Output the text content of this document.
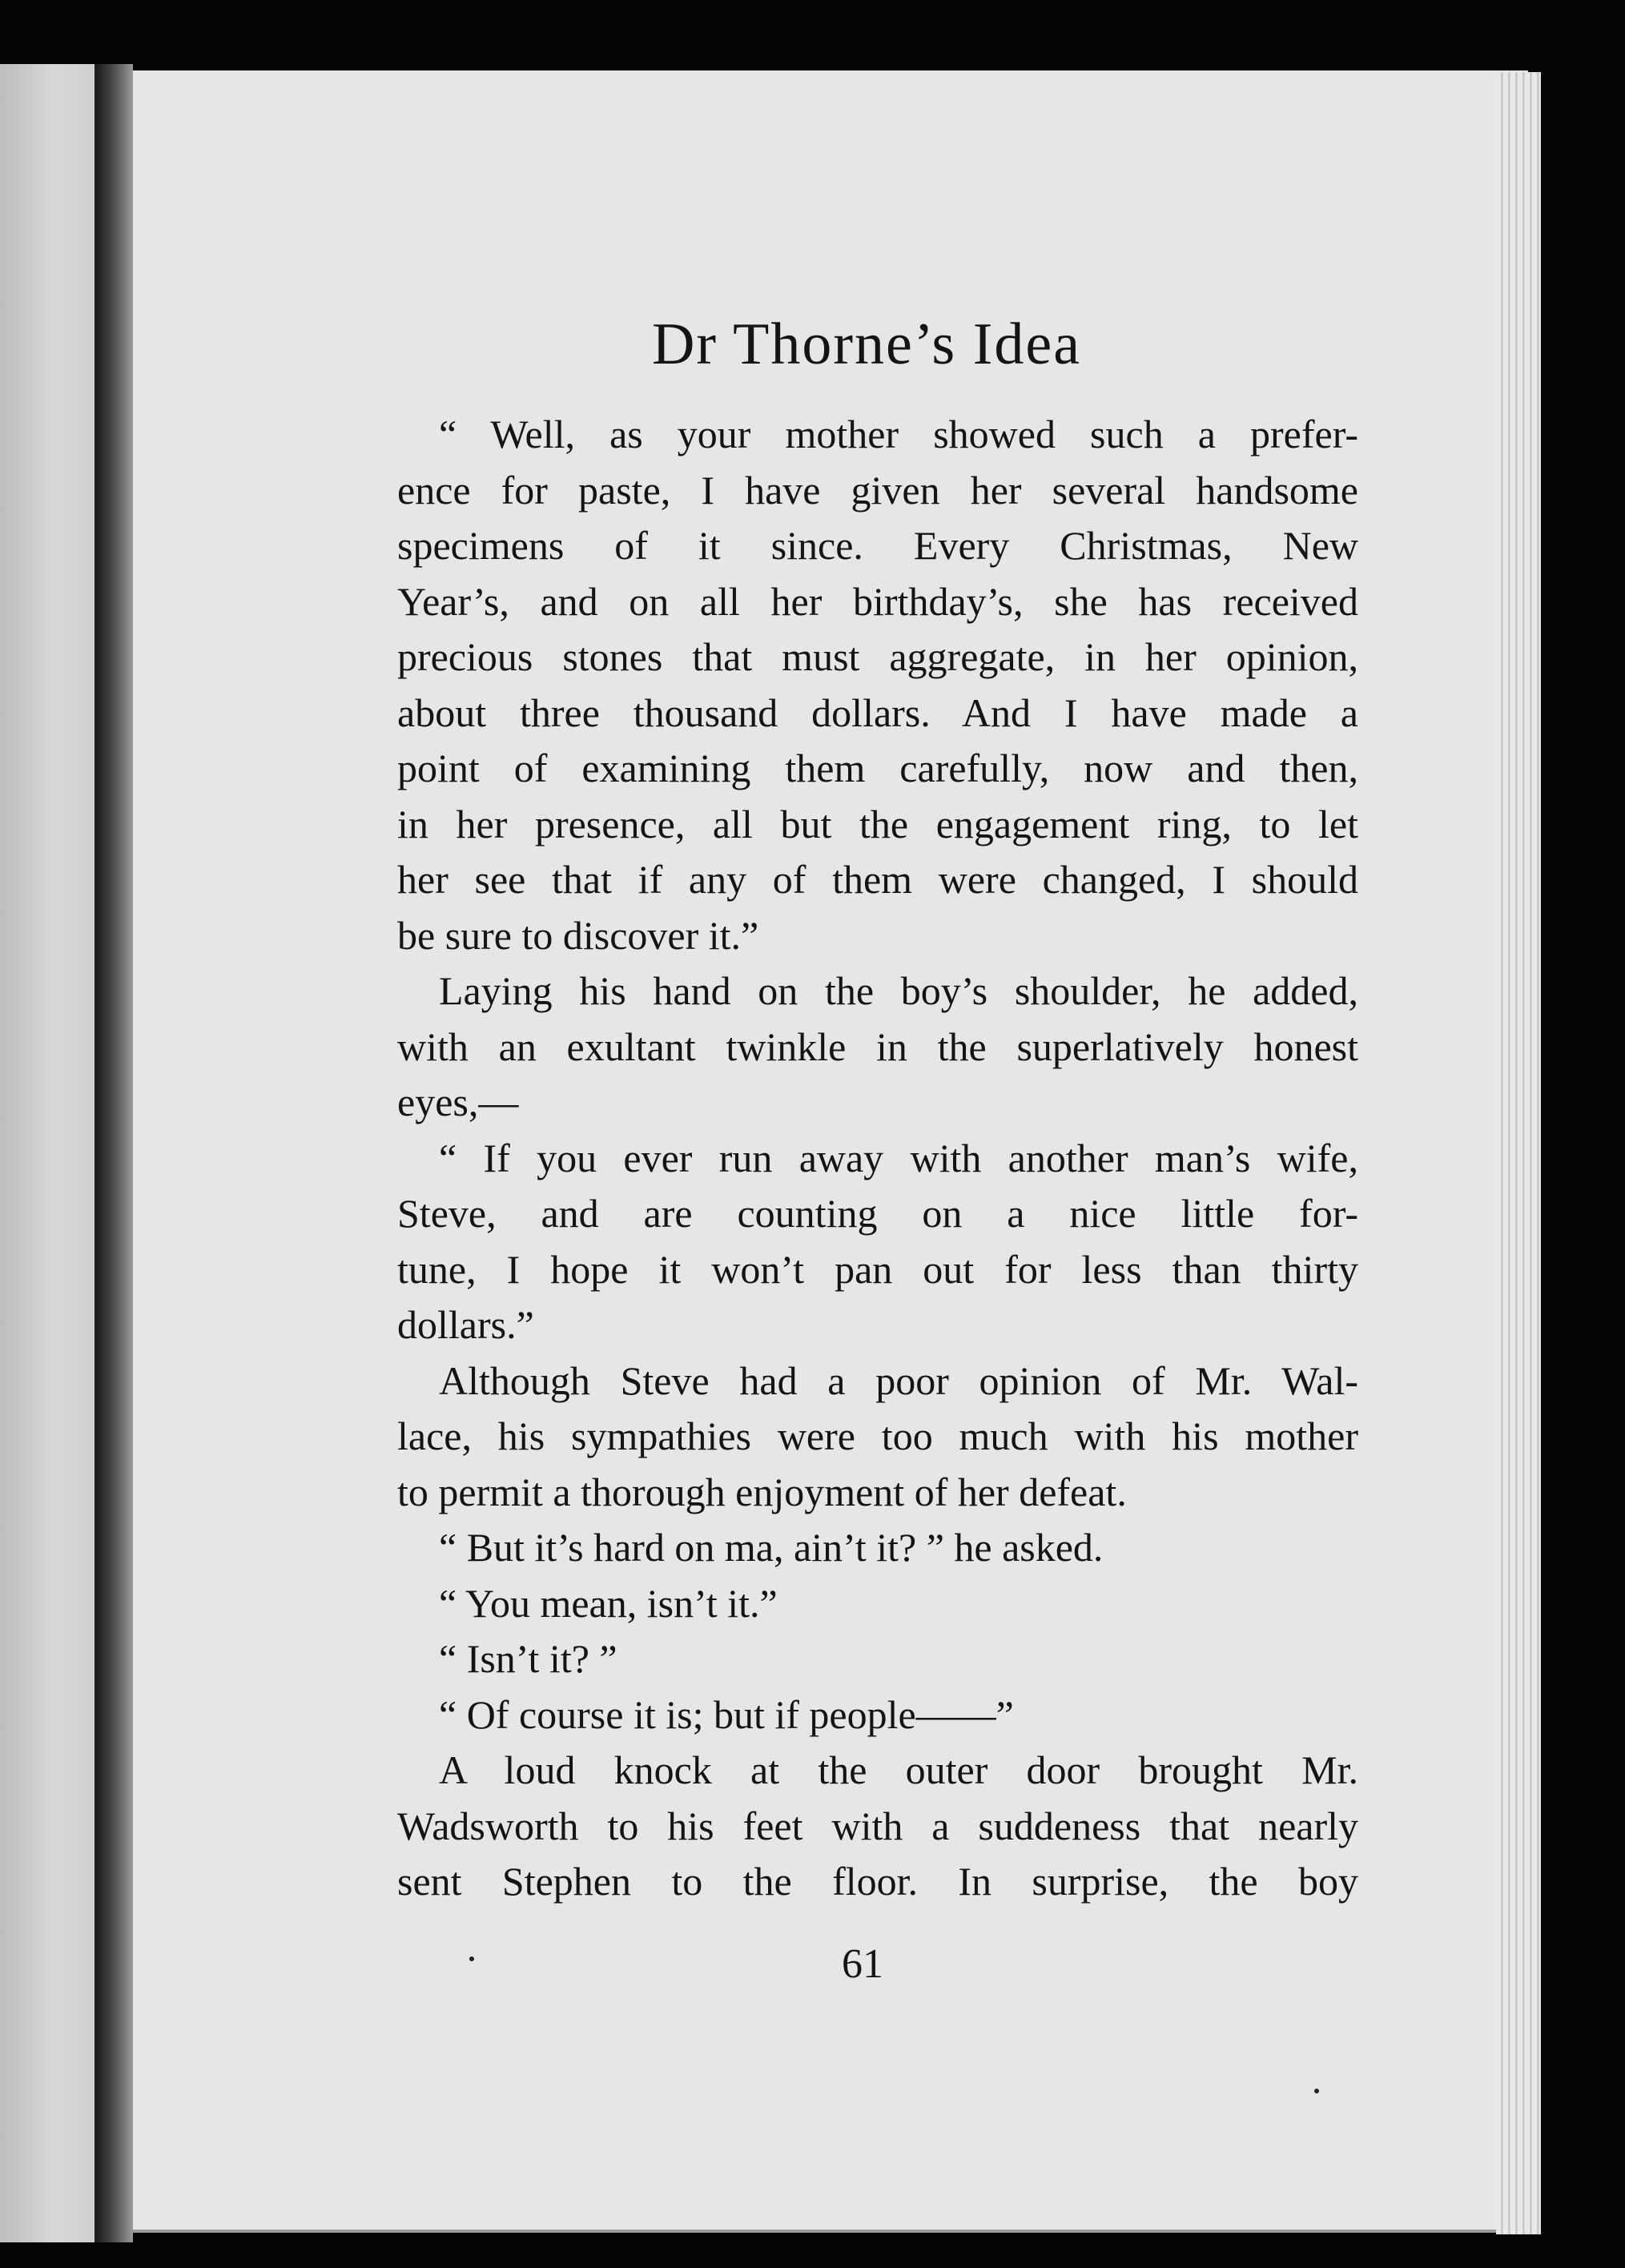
Dr Thorne’s Idea
“ Well, as your mother showed such a prefer-
ence for paste, I have given her several handsome
specimens of it since. Every Christmas, New
Year’s, and on all her birthday’s, she has received
precious stones that must aggregate, in her opinion,
about three thousand dollars. And I have made a
point of examining them carefully, now and then,
in her presence, all but the engagement ring, to let
her see that if any of them were changed, I should
be sure to discover it.”
Laying his hand on the boy’s shoulder, he added,
with an exultant twinkle in the superlatively honest
eyes,—
“ If you ever run away with another man’s wife,
Steve, and are counting on a nice little for-
tune, I hope it won’t pan out for less than thirty
dollars.”
Although Steve had a poor opinion of Mr. Wal-
lace, his sympathies were too much with his mother
to permit a thorough enjoyment of her defeat.
“ But it’s hard on ma, ain’t it? ” he asked.
“ You mean, isn’t it.”
“ Isn’t it? ”
“ Of course it is; but if people——”
A loud knock at the outer door brought Mr.
Wadsworth to his feet with a suddeness that nearly
sent Stephen to the floor. In surprise, the boy
61
